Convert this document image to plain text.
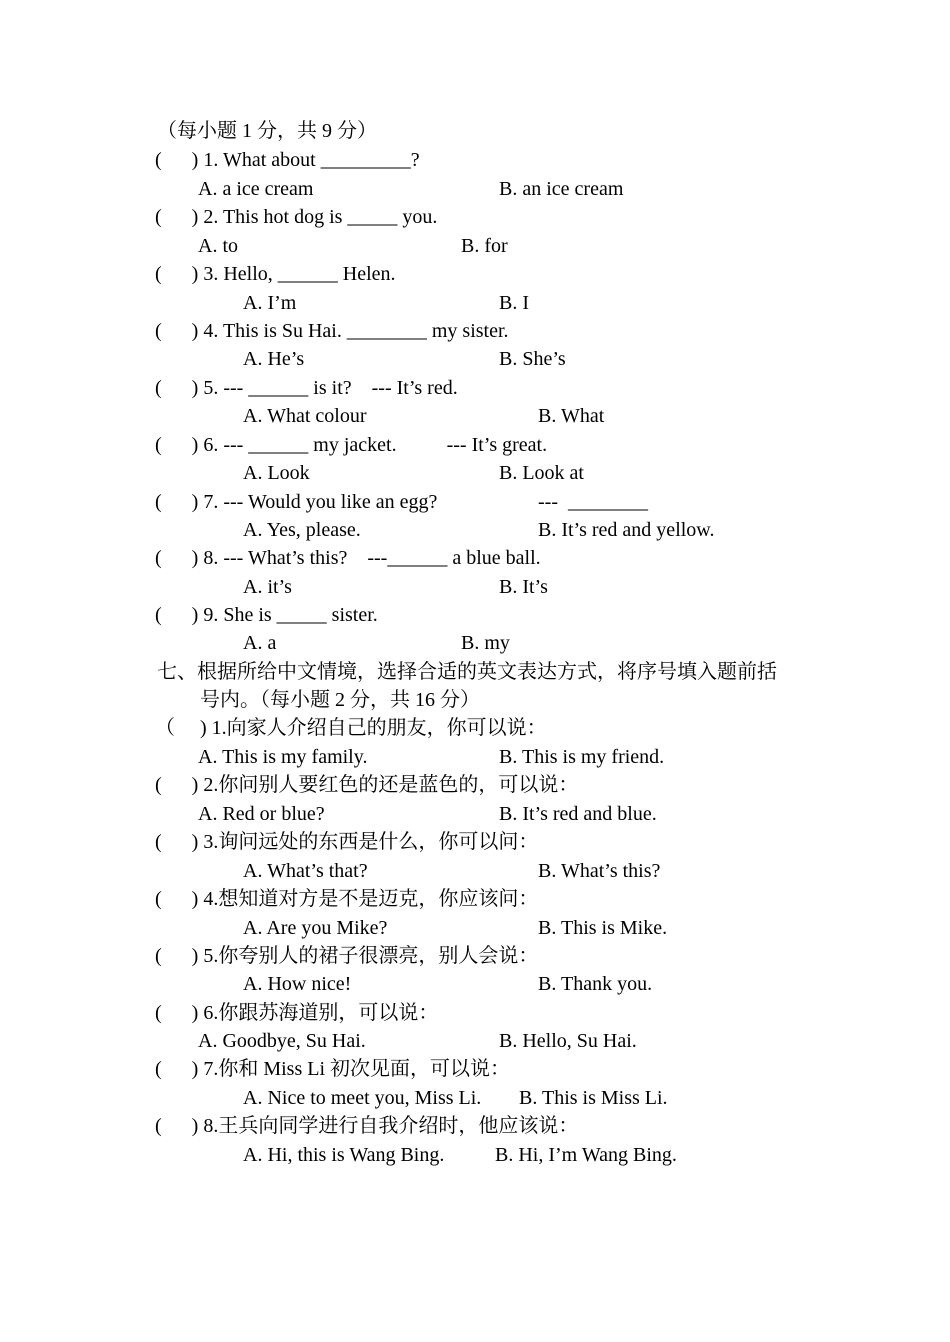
（每小题 1 分，共 9 分）
(      ) 1. What about _________?
A. a ice cream	B. an ice cream
(      ) 2. This hot dog is _____ you.
A. to	B. for
(      ) 3. Hello, ______ Helen.
A. I’m	B. I
(      ) 4. This is Su Hai. ________ my sister.
A. He’s	B. She’s
(      ) 5. --- ______ is it?    --- It’s red.
A. What colour	B. What
(      ) 6. --- ______ my jacket.          --- It’s great.
A. Look	B. Look at
(      ) 7. --- Would you like an egg?	---  ________
A. Yes, please.	B. It’s red and yellow.
(      ) 8. --- What’s this?    ---______ a blue ball.
A. it’s	B. It’s
(      ) 9. She is _____ sister.
A. a	B. my
七、根据所给中文情境，选择合适的英文表达方式，将序号填入题前括
号内。（每小题 2 分，共 16 分）
（     ) 1.向家人介绍自己的朋友，你可以说：
A. This is my family.	B. This is my friend.
(      ) 2.你问别人要红色的还是蓝色的，可以说：
A. Red or blue?	B. It’s red and blue.
(      ) 3.询问远处的东西是什么，你可以问：
A. What’s that?	B. What’s this?
(      ) 4.想知道对方是不是迈克，你应该问：
A. Are you Mike?	B. This is Mike.
(      ) 5.你夸别人的裙子很漂亮，别人会说：
A. How nice!	B. Thank you.
(      ) 6.你跟苏海道别，可以说：
A. Goodbye, Su Hai.	B. Hello, Su Hai.
(      ) 7.你和 Miss Li 初次见面，可以说：
A. Nice to meet you, Miss Li. B. This is Miss Li.
(      ) 8.王兵向同学进行自我介绍时，他应该说：
A. Hi, this is Wang Bing.	B. Hi, I’m Wang Bing.
